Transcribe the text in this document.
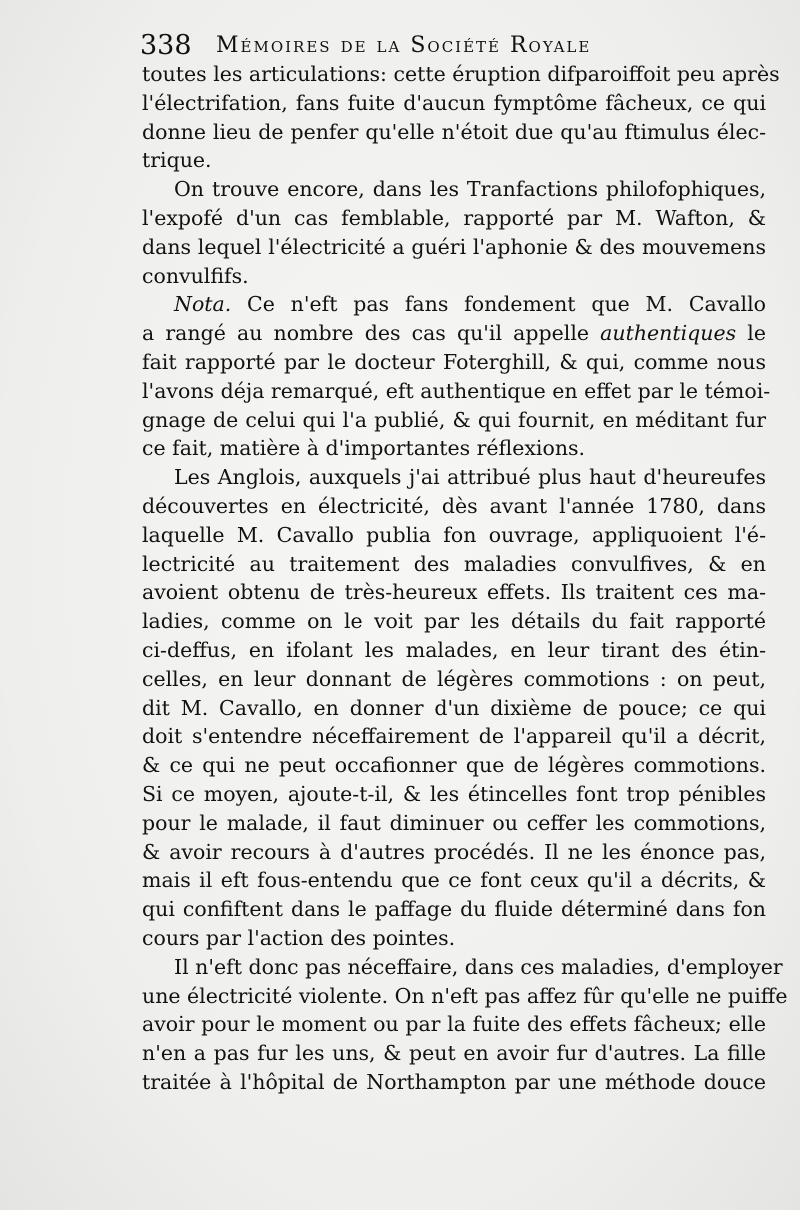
338 Mémoires de la Société Royale
toutes les articulations: cette éruption difparoiffoit peu après
l'électrifation, fans fuite d'aucun fymptôme fâcheux, ce qui
donne lieu de penfer qu'elle n'étoit due qu'au ftimulus élec-
trique.
On trouve encore, dans les Tranfactions philofophiques,
l'expofé d'un cas femblable, rapporté par M. Wafton, &
dans lequel l'électricité a guéri l'aphonie & des mouvemens
convulfifs.
Nota. Ce n'eft pas fans fondement que M. Cavallo
a rangé au nombre des cas qu'il appelle authentiques le
fait rapporté par le docteur Foterghill, & qui, comme nous
l'avons déja remarqué, eft authentique en effet par le témoi-
gnage de celui qui l'a publié, & qui fournit, en méditant fur
ce fait, matière à d'importantes réflexions.
Les Anglois, auxquels j'ai attribué plus haut d'heureufes
découvertes en électricité, dès avant l'année 1780, dans
laquelle M. Cavallo publia fon ouvrage, appliquoient l'é-
lectricité au traitement des maladies convulfives, & en
avoient obtenu de très-heureux effets. Ils traitent ces ma-
ladies, comme on le voit par les détails du fait rapporté
ci-deffus, en ifolant les malades, en leur tirant des étin-
celles, en leur donnant de légères commotions : on peut,
dit M. Cavallo, en donner d'un dixième de pouce; ce qui
doit s'entendre néceffairement de l'appareil qu'il a décrit,
& ce qui ne peut occafionner que de légères commotions.
Si ce moyen, ajoute-t-il, & les étincelles font trop pénibles
pour le malade, il faut diminuer ou ceffer les commotions,
& avoir recours à d'autres procédés. Il ne les énonce pas,
mais il eft fous-entendu que ce font ceux qu'il a décrits, &
qui confiftent dans le paffage du fluide déterminé dans fon
cours par l'action des pointes.
Il n'eft donc pas néceffaire, dans ces maladies, d'employer
une électricité violente. On n'eft pas affez fûr qu'elle ne puiffe
avoir pour le moment ou par la fuite des effets fâcheux; elle
n'en a pas fur les uns, & peut en avoir fur d'autres. La fille
traitée à l'hôpital de Northampton par une méthode douce
